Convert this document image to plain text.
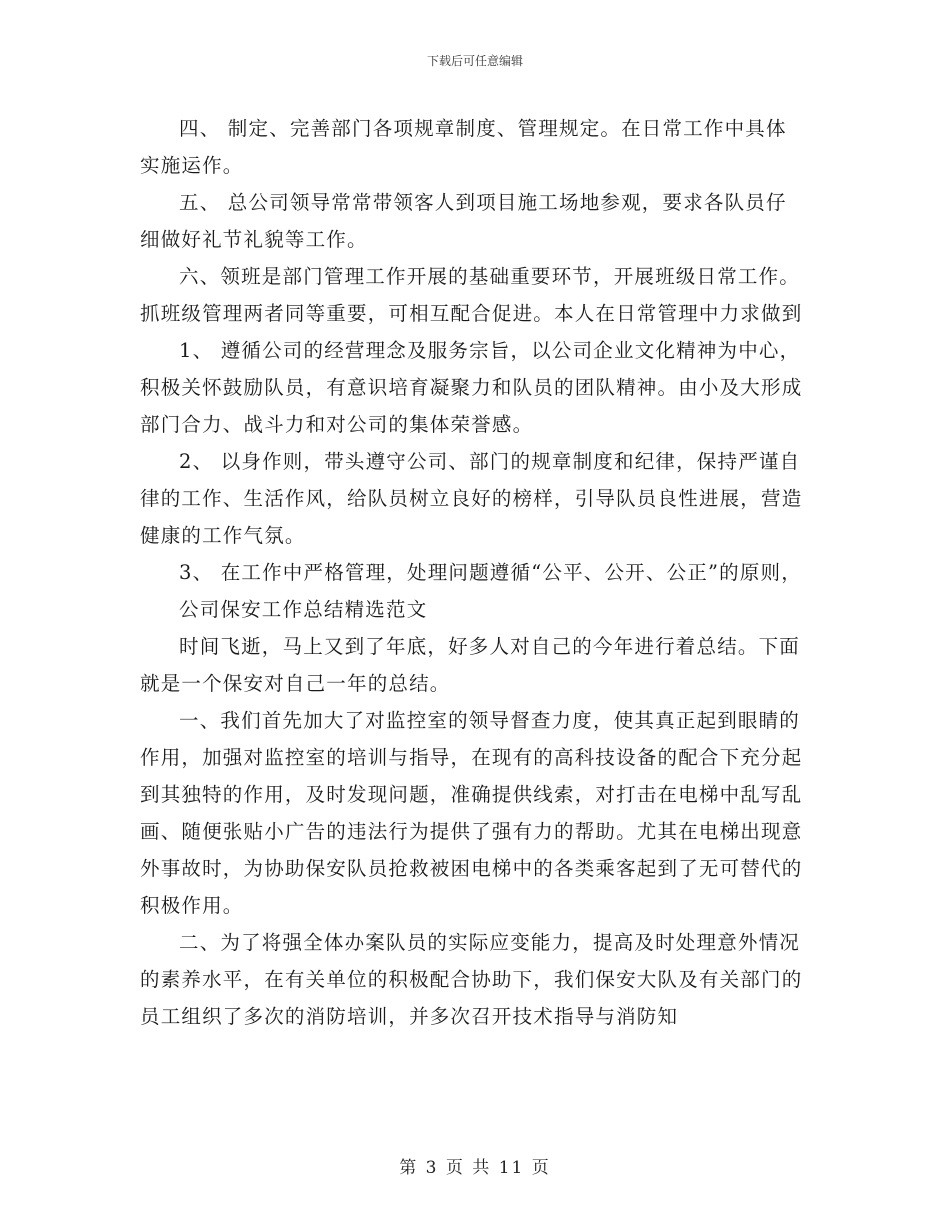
下载后可任意编辑

四、 制定、完善部门各项规章制度、管理规定。在日常工作中具体实施运作。

五、 总公司领导常常带领客人到项目施工场地参观，要求各队员仔细做好礼节礼貌等工作。

六、领班是部门管理工作开展的基础重要环节，开展班级日常工作。抓班级管理两者同等重要，可相互配合促进。本人在日常管理中力求做到

1、 遵循公司的经营理念及服务宗旨，以公司企业文化精神为中心，积极关怀鼓励队员，有意识培育凝聚力和队员的团队精神。由小及大形成部门合力、战斗力和对公司的集体荣誉感。

2、 以身作则，带头遵守公司、部门的规章制度和纪律，保持严谨自律的工作、生活作风，给队员树立良好的榜样，引导队员良性进展，营造健康的工作气氛。

3、 在工作中严格管理，处理问题遵循“公平、公开、公正”的原则，

公司保安工作总结精选范文

时间飞逝，马上又到了年底，好多人对自己的今年进行着总结。下面就是一个保安对自己一年的总结。

一、我们首先加大了对监控室的领导督查力度，使其真正起到眼睛的作用，加强对监控室的培训与指导，在现有的高科技设备的配合下充分起到其独特的作用，及时发现问题，准确提供线索，对打击在电梯中乱写乱画、随便张贴小广告的违法行为提供了强有力的帮助。尤其在电梯出现意外事故时，为协助保安队员抢救被困电梯中的各类乘客起到了无可替代的积极作用。

二、为了将强全体办案队员的实际应变能力，提高及时处理意外情况的素养水平，在有关单位的积极配合协助下，我们保安大队及有关部门的员工组织了多次的消防培训，并多次召开技术指导与消防知

第 3 页 共 11 页
